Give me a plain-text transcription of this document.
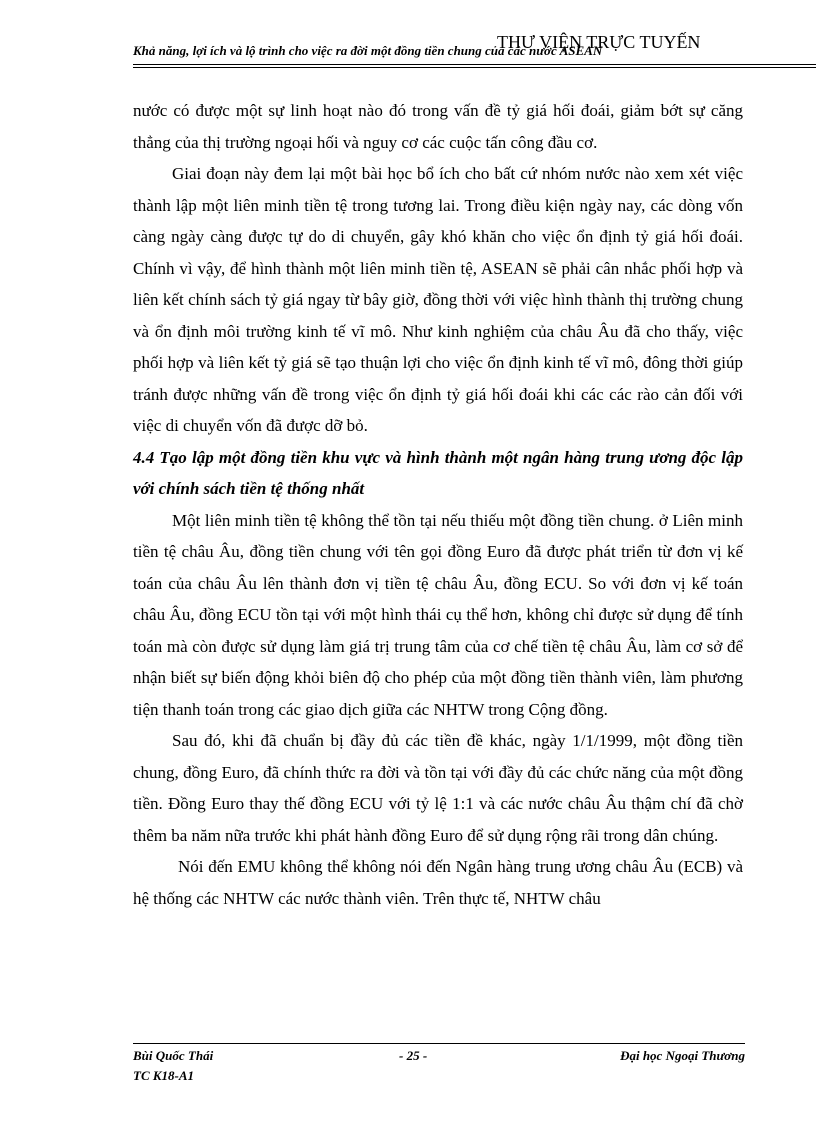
Khả năng, lợi ích và lộ trình cho việc ra đời một đồng tiền chung của các nước ASEAN
THƯ VIỆN TRỰC TUYẾN

nước có được một sự linh hoạt nào đó trong vấn đề tỷ giá hối đoái, giảm bớt sự căng thẳng của thị trường ngoại hối và nguy cơ các cuộc tấn công đầu cơ.

Giai đoạn này đem lại một bài học bổ ích cho bất cứ nhóm nước nào xem xét việc thành lập một liên minh tiền tệ trong tương lai. Trong điều kiện ngày nay, các dòng vốn càng ngày càng được tự do di chuyển, gây khó khăn cho việc ổn định tỷ giá hối đoái. Chính vì vậy, để hình thành một liên minh tiền tệ, ASEAN sẽ phải cân nhắc phối hợp và liên kết chính sách tỷ giá ngay từ bây giờ, đồng thời với việc hình thành thị trường chung và ổn định môi trường kinh tế vĩ mô. Như kinh nghiệm của châu Âu đã cho thấy, việc phối hợp và liên kết tỷ giá sẽ tạo thuận lợi cho việc ổn định kinh tế vĩ mô, đông thời giúp tránh được những vấn đề trong việc ổn định tỷ giá hối đoái khi các các rào cản đối với việc di chuyển vốn đã được dỡ bỏ.

4.4 Tạo lập một đồng tiền khu vực và hình thành một ngân hàng trung ương độc lập với chính sách tiền tệ thống nhất

Một liên minh tiền tệ không thể tồn tại nếu thiếu một đồng tiền chung. ở Liên minh tiền tệ châu Âu, đồng tiền chung với tên gọi đồng Euro đã được phát triển từ đơn vị kế toán của châu Âu lên thành đơn vị tiền tệ châu Âu, đồng ECU. So với đơn vị kế toán châu Âu, đồng ECU tồn tại với một hình thái cụ thể hơn, không chỉ được sử dụng để tính toán mà còn được sử dụng làm giá trị trung tâm của cơ chế tiền tệ châu Âu, làm cơ sở để nhận biết sự biến động khỏi biên độ cho phép của một đồng tiền thành viên, làm phương tiện thanh toán trong các giao dịch giữa các NHTW trong Cộng đồng.

Sau đó, khi đã chuẩn bị đầy đủ các tiền đề khác, ngày 1/1/1999, một đồng tiền chung, đồng Euro, đã chính thức ra đời và tồn tại với đầy đủ các chức năng của một đồng tiền. Đồng Euro thay thế đồng ECU với tỷ lệ 1:1 và các nước châu Âu thậm chí đã chờ thêm ba năm nữa trước khi phát hành đồng Euro để sử dụng rộng rãi trong dân chúng.

Nói đến EMU không thể không nói đến Ngân hàng trung ương châu Âu (ECB) và hệ thống các NHTW các nước thành viên. Trên thực tế, NHTW châu

Bùi Quốc Thái	- 25 -	Đại học Ngoại Thương
TC K18-A1
